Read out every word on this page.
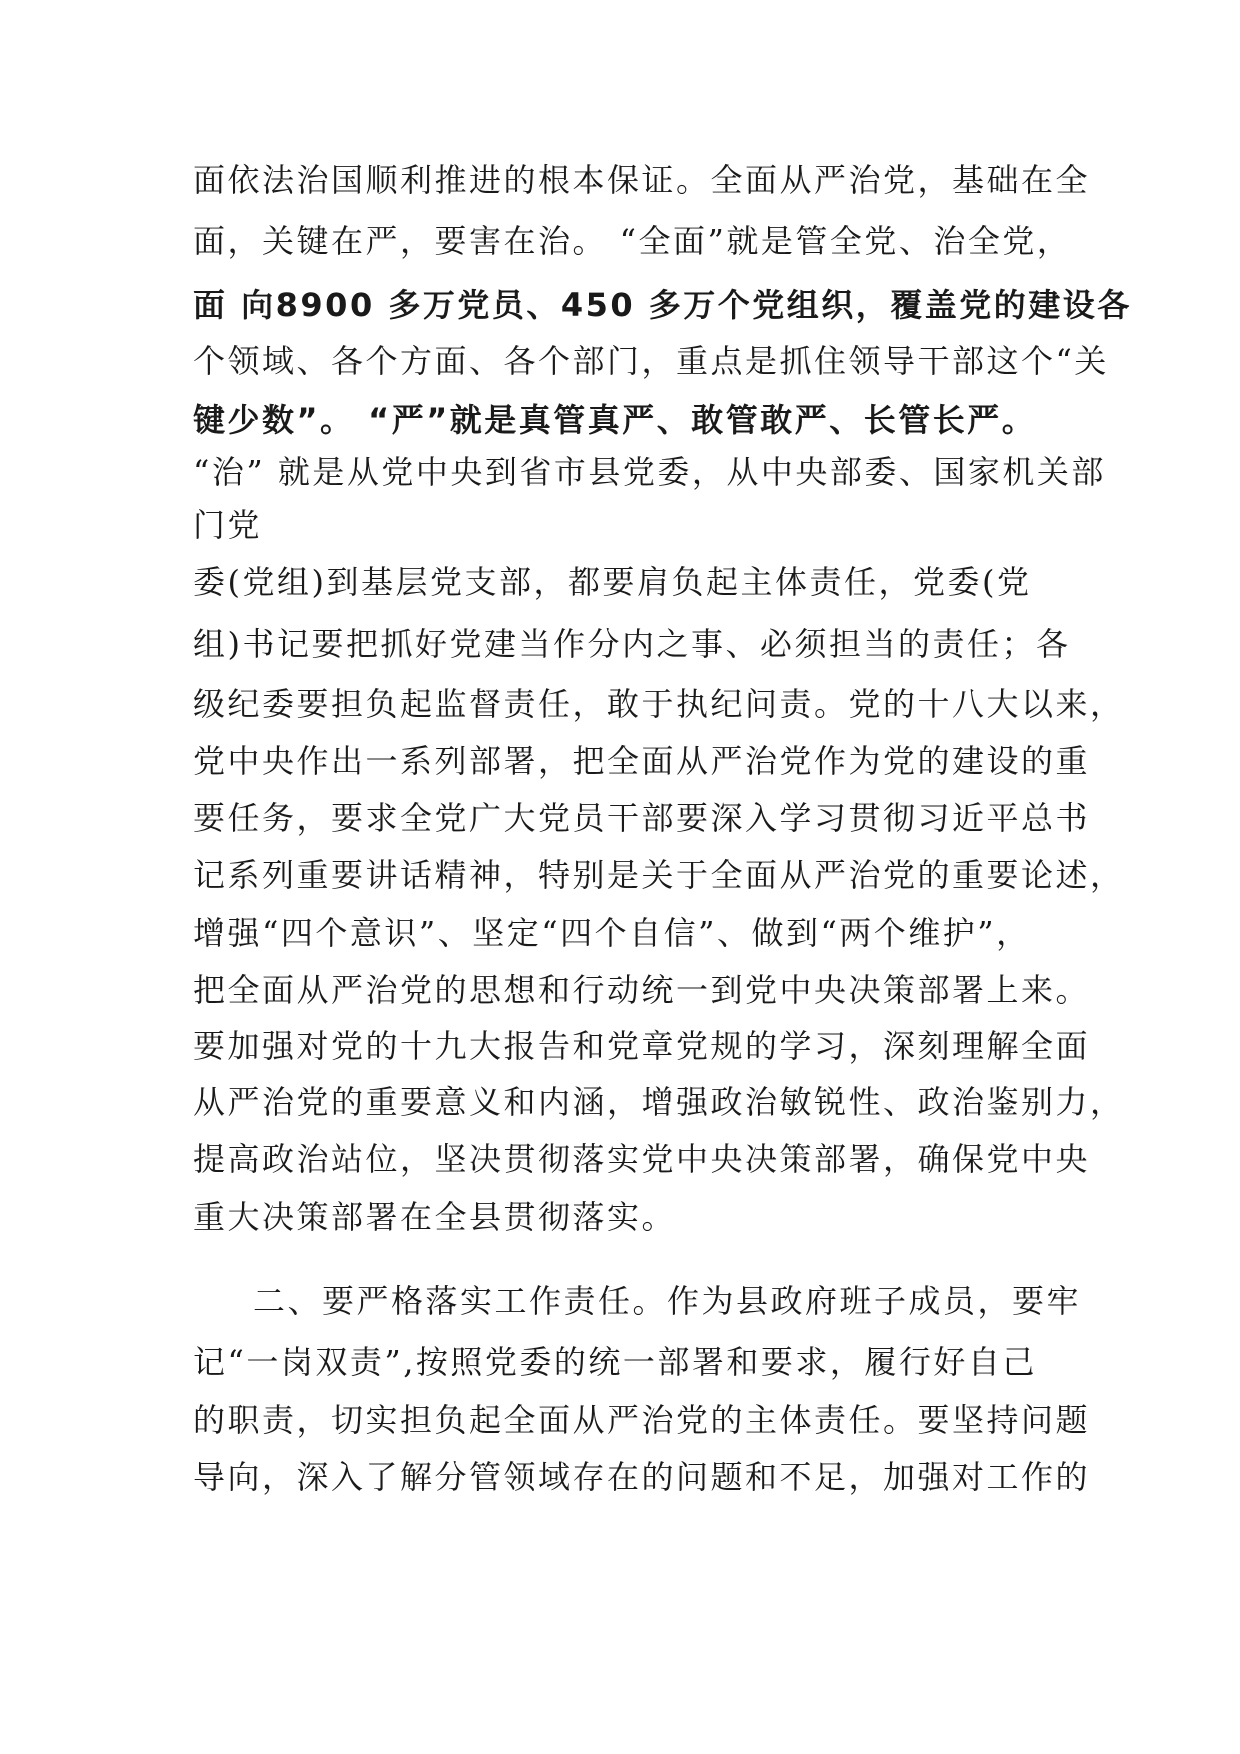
面依法治国顺利推进的根本保证。全面从严治党，基础在全
面，关键在严，要害在治。 “全面”就是管全党、治全党，
面 向8900 多万党员、450 多万个党组织，覆盖党的建设各
个领域、各个方面、各个部门，重点是抓住领导干部这个“关
键少数”。 “严”就是真管真严、敢管敢严、长管长严。
“治” 就是从党中央到省市县党委，从中央部委、国家机关部
门党
委(党组)到基层党支部，都要肩负起主体责任，党委(党
组)书记要把抓好党建当作分内之事、必须担当的责任；各
级纪委要担负起监督责任，敢于执纪问责。党的十八大以来，
党中央作出一系列部署，把全面从严治党作为党的建设的重
要任务，要求全党广大党员干部要深入学习贯彻习近平总书
记系列重要讲话精神，特别是关于全面从严治党的重要论述，
增强“四个意识”、坚定“四个自信”、做到“两个维护”，
把全面从严治党的思想和行动统一到党中央决策部署上来。
要加强对党的十九大报告和党章党规的学习，深刻理解全面
从严治党的重要意义和内涵，增强政治敏锐性、政治鉴别力，
提高政治站位，坚决贯彻落实党中央决策部署，确保党中央
重大决策部署在全县贯彻落实。
二、要严格落实工作责任。作为县政府班子成员，要牢
记“一岗双责”,按照党委的统一部署和要求，履行好自己
的职责，切实担负起全面从严治党的主体责任。要坚持问题
导向，深入了解分管领域存在的问题和不足，加强对工作的
